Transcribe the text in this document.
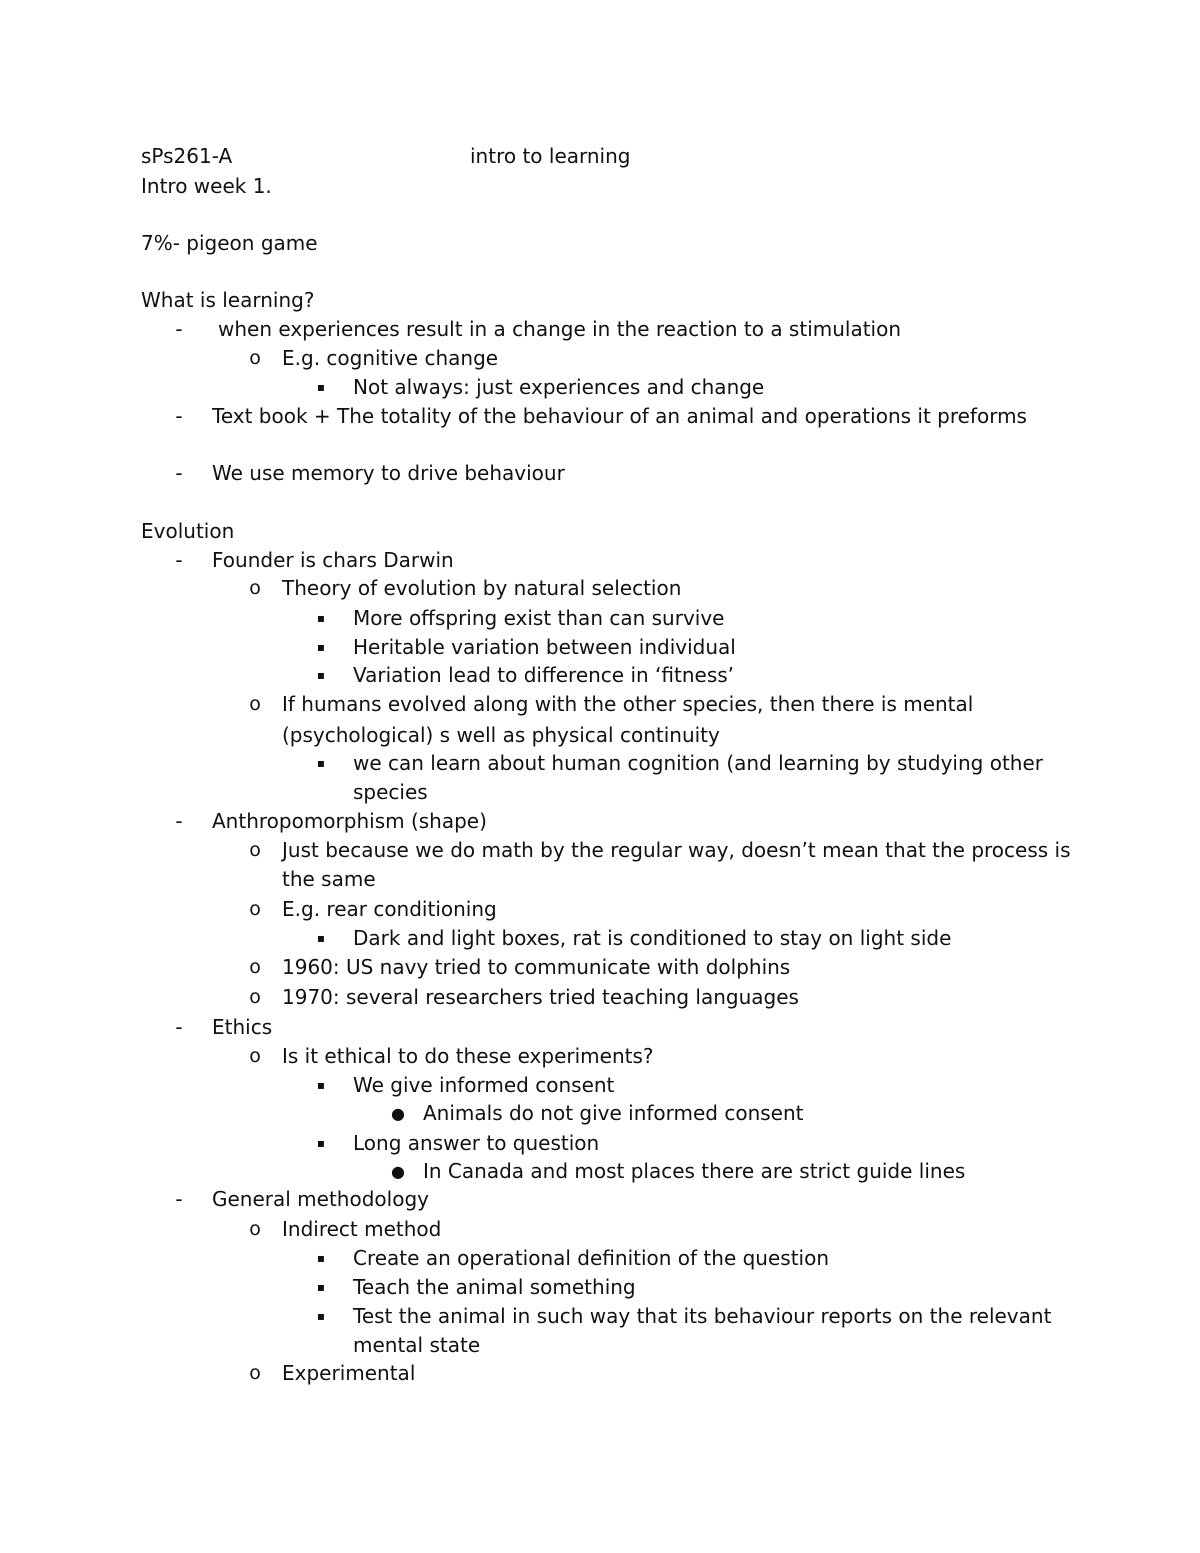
sPs261-A	intro to learning
Intro week 1.
7%- pigeon game
What is learning?
-	when experiences result in a change in the reaction to a stimulation
o E.g. cognitive change
▪ Not always: just experiences and change
-	Text book + The totality of the behaviour of an animal and operations it preforms
-	We use memory to drive behaviour
Evolution
-	Founder is chars Darwin
o Theory of evolution by natural selection
▪ More offspring exist than can survive
▪ Heritable variation between individual
▪ Variation lead to difference in ‘fitness’
o If humans evolved along with the other species, then there is mental
(psychological) s well as physical continuity
▪ we can learn about human cognition (and learning by studying other
species
-	Anthropomorphism (shape)
o Just because we do math by the regular way, doesn’t mean that the process is
the same
o E.g. rear conditioning
▪ Dark and light boxes, rat is conditioned to stay on light side
o 1960: US navy tried to communicate with dolphins
o 1970: several researchers tried teaching languages
-	Ethics
o Is it ethical to do these experiments?
▪ We give informed consent
● Animals do not give informed consent
▪ Long answer to question
● In Canada and most places there are strict guide lines
-	General methodology
o Indirect method
▪ Create an operational definition of the question
▪ Teach the animal something
▪ Test the animal in such way that its behaviour reports on the relevant
mental state
o Experimental
